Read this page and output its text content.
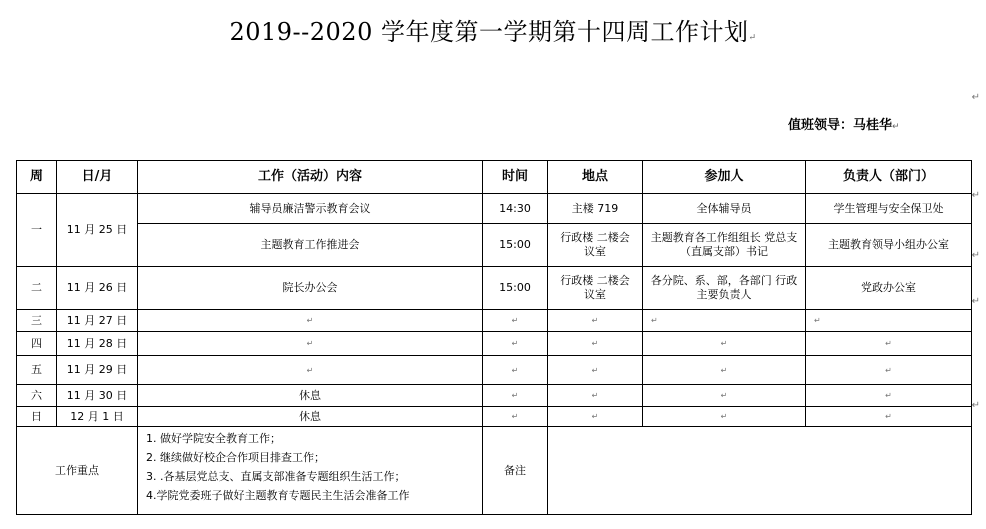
2019--2020 学年度第一学期第十四周工作计划↵
值班领导：马桂华↵
↵
↵
↵
↵
↵
周	日/月	工作（活动）内容	时间	地点	参加人	负责人（部门）
一	11 月 25 日	辅导员廉洁警示教育会议	14:30	主楼 719	全体辅导员	学生管理与安全保卫处
		主题教育工作推进会	15:00	行政楼 二楼会议室	主题教育各工作组组长 党总支（直属支部）书记	主题教育领导小组办公室
二	11 月 26 日	院长办公会	15:00	行政楼 二楼会议室	各分院、系、部，各部门 行政主要负责人	党政办公室
三	11 月 27 日	↵	↵	↵	↵	↵
四	11 月 28 日	↵	↵	↵	↵	↵
五	11 月 29 日	↵	↵	↵	↵	↵
六	11 月 30 日	休息	↵	↵	↵	↵
日	12 月 1 日	休息	↵	↵	↵	↵
工作重点		1. 做好学院安全教育工作；
2. 继续做好校企合作项目排查工作；
3. .各基层党总支、直属支部准备专题组织生活工作；
4.学院党委班子做好主题教育专题民主生活会准备工作	备注			
